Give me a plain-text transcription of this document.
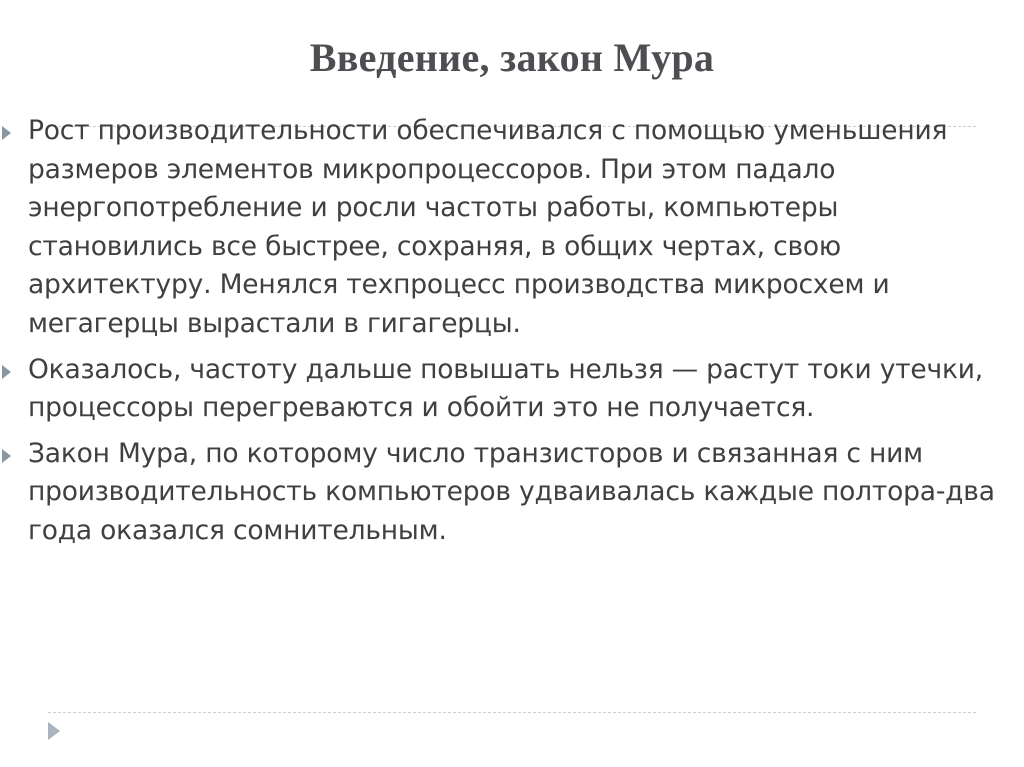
Введение, закон Мура
Рост производительности обеспечивался с помощью уменьшения размеров элементов микропроцессоров. При этом падало энергопотребление и росли частоты работы, компьютеры становились все быстрее, сохраняя, в общих чертах, свою архитектуру. Менялся техпроцесс производства микросхем и мегагерцы вырастали в гигагерцы.
Оказалось, частоту дальше повышать нельзя — растут токи утечки, процессоры перегреваются и обойти это не получается.
Закон Мура, по которому число транзисторов и связанная с ним производительность компьютеров удваивалась каждые полтора-два года оказался сомнительным.
